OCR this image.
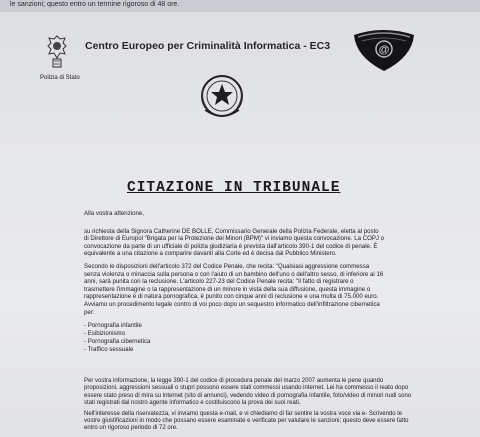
le sanzioni; questo entro un termine rigoroso di 48 ore.
Polizia di Stato
Centro Europeo per Criminalità Informatica - EC3	@
CITAZIONE IN TRIBUNALE

Alla vostra attenzione,

su richiesta della Signora Catherine DE BOLLE, Commissario Generale della Polizia Federale, eletta al posto di Direttore di Europol "Brigata per la Protezione dei Minori (BPM)" vi inviamo questa convocazione. La COPJ o convocazione da parte di un ufficiale di polizia giudiziaria è prevista dall'articolo 390-1 del codice di penale. È equivalente a una citazione a comparire davanti alla Corte ed è decisa dal Pubblico Ministero.

Secondo le disposizioni dell'articolo 372 del Codice Penale, che recita: "Qualsiasi aggressione commessa senza violenza o minaccia sulla persona o con l'aiuto di un bambino dell'uno o dell'altro sesso, di inferiore ai 16 anni, sarà punita con la reclusione. L'articolo 227-23 del Codice Penale recita: "Il fatto di registrare o trasmettere l'immagine o la rappresentazione di un minore in vista della sua diffusione, questa immagine o rappresentazione è di natura pornografica, è punito con cinque anni di reclusione e una multa di 75.000 euro. Avviamo un procedimento legale contro di voi poco dopo un sequestro informatico dell'infiltrazione cibernetica per:

- Pornografia infantile
- Esibizionismo
- Pornografia cibernetica
- Traffico sessuale

Per vostra informazione, la legge 390-1 del codice di procedura penale del marzo 2007 aumenta le pene quando proposizioni, aggressioni sessuali o stupri possono essere stati commessi usando internet. Lei ha commesso il reato dopo essere stato preso di mira su internet (sito di annunci), vedendo video di pornografia infantile, foto/video di minori nudi sono stati registrati dal nostro agente informatico e costituiscono la prova dei suoi reati.

Nell'interesse della riservatezza, vi inviamo questa e-mail, e vi chiediamo di far sentire la vostra voce via e- Scrivendo le vostre giustificazioni in modo che possano essere esaminate e verificate per valutare le sanzioni; questo deve essere fatto entro un rigoroso periodo di 72 ore.
